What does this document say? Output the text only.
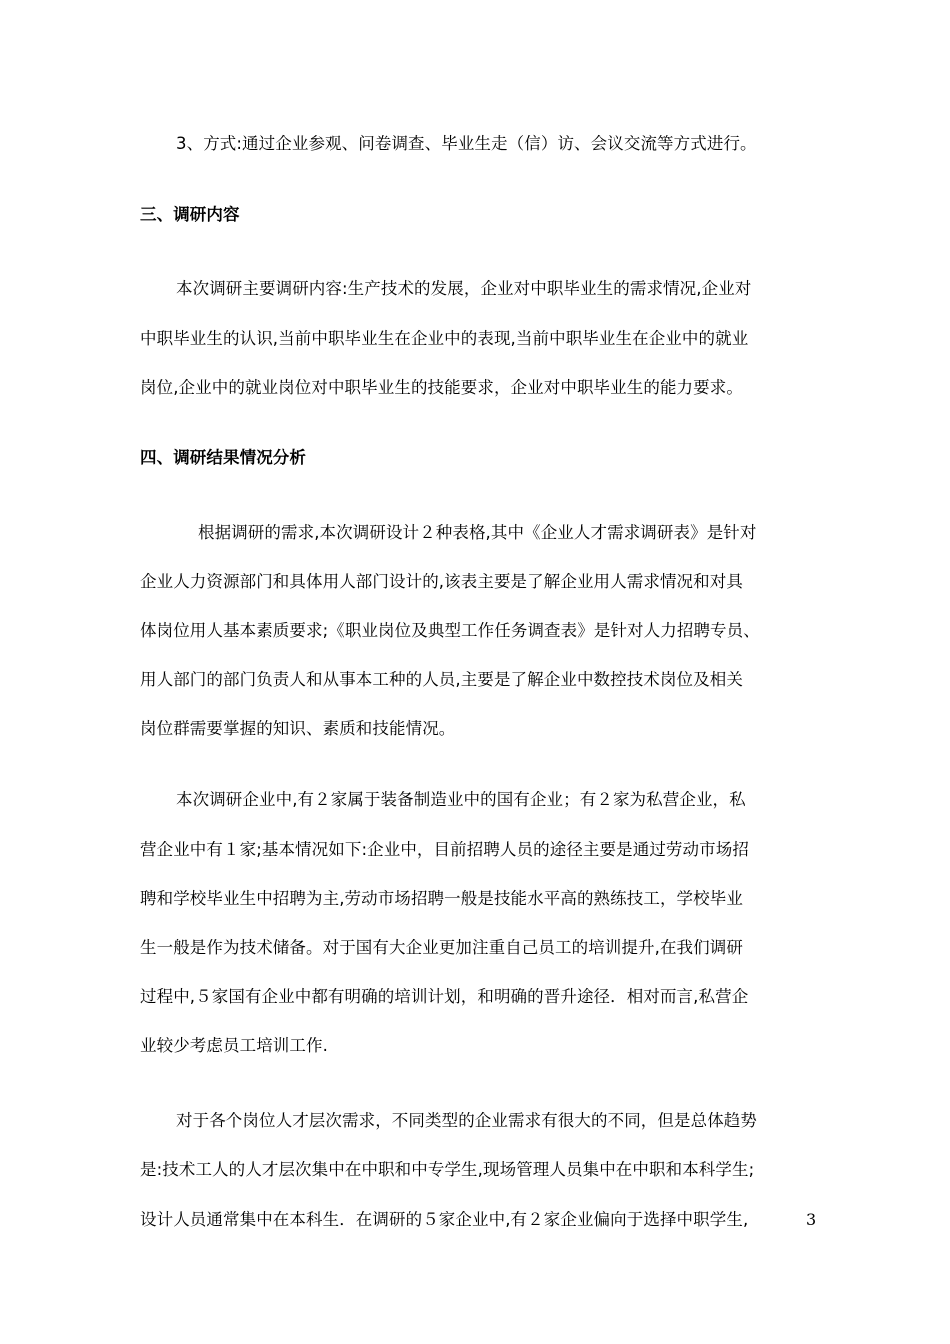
3、方式:通过企业参观、问卷调查、毕业生走（信）访、会议交流等方式进行。
三、调研内容
本次调研主要调研内容:生产技术的发展，企业对中职毕业生的需求情况,企业对
中职毕业生的认识,当前中职毕业生在企业中的表现,当前中职毕业生在企业中的就业
岗位,企业中的就业岗位对中职毕业生的技能要求，企业对中职毕业生的能力要求。
四、调研结果情况分析
根据调研的需求,本次调研设计２种表格,其中《企业人才需求调研表》是针对
企业人力资源部门和具体用人部门设计的,该表主要是了解企业用人需求情况和对具
体岗位用人基本素质要求;《职业岗位及典型工作任务调查表》是针对人力招聘专员、
用人部门的部门负责人和从事本工种的人员,主要是了解企业中数控技术岗位及相关
岗位群需要掌握的知识、素质和技能情况。
本次调研企业中,有２家属于装备制造业中的国有企业；有２家为私营企业，私
营企业中有１家;基本情况如下:企业中，目前招聘人员的途径主要是通过劳动市场招
聘和学校毕业生中招聘为主,劳动市场招聘一般是技能水平高的熟练技工，学校毕业
生一般是作为技术储备。对于国有大企业更加注重自己员工的培训提升,在我们调研
过程中,５家国有企业中都有明确的培训计划，和明确的晋升途径．相对而言,私营企
业较少考虑员工培训工作.
对于各个岗位人才层次需求，不同类型的企业需求有很大的不同，但是总体趋势
是:技术工人的人才层次集中在中职和中专学生,现场管理人员集中在中职和本科学生;
设计人员通常集中在本科生．在调研的５家企业中,有２家企业偏向于选择中职学生,	3
